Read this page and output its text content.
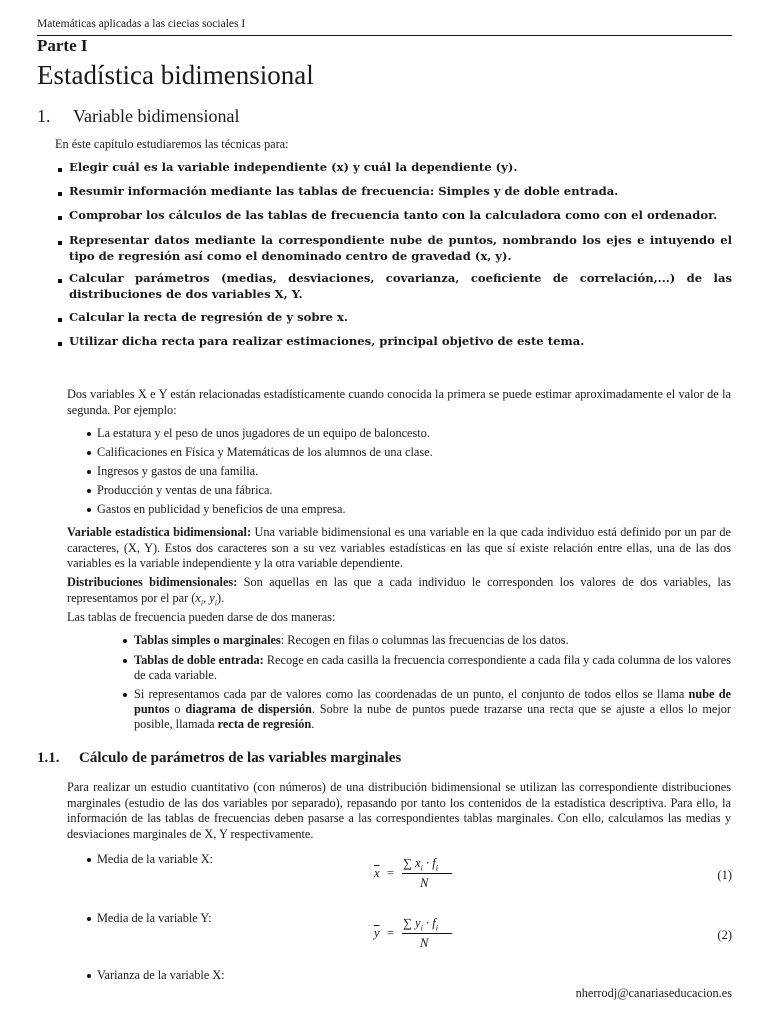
Matemáticas aplicadas a las ciecias sociales I
Parte I
Estadística bidimensional
1. Variable bidimensional
En éste capítulo estudiaremos las técnicas para:
Elegir cuál es la variable independiente (x) y cuál la dependiente (y).
Resumir información mediante las tablas de frecuencia: Simples y de doble entrada.
Comprobar los cálculos de las tablas de frecuencia tanto con la calculadora como con el ordenador.
Representar datos mediante la correspondiente nube de puntos, nombrando los ejes e intuyendo el tipo de regresión así como el denominado centro de gravedad (x, y).
Calcular parámetros (medias, desviaciones, covarianza, coeficiente de correlación,...) de las distribuciones de dos variables X, Y.
Calcular la recta de regresión de y sobre x.
Utilizar dicha recta para realizar estimaciones, principal objetivo de este tema.
Dos variables X e Y están relacionadas estadísticamente cuando conocida la primera se puede estimar aproximadamente el valor de la segunda. Por ejemplo:
La estatura y el peso de unos jugadores de un equipo de baloncesto.
Calificaciones en Física y Matemáticas de los alumnos de una clase.
Ingresos y gastos de una familia.
Producción y ventas de una fábrica.
Gastos en publicidad y beneficios de una empresa.
Variable estadística bidimensional: Una variable bidimensional es una variable en la que cada individuo está definido por un par de caracteres, (X, Y). Estos dos caracteres son a su vez variables estadísticas en las que sí existe relación entre ellas, una de las dos variables es la variable independiente y la otra variable dependiente.
Distribuciones bidimensionales: Son aquellas en las que a cada individuo le corresponden los valores de dos variables, las representamos por el par ($x_i$, $y_i$).
Las tablas de frecuencia pueden darse de dos maneras:
Tablas simples o marginales: Recogen en filas o columnas las frecuencias de los datos.
Tablas de doble entrada: Recoge en cada casilla la frecuencia correspondiente a cada fila y cada columna de los valores de cada variable.
Si representamos cada par de valores como las coordenadas de un punto, el conjunto de todos ellos se llama nube de puntos o diagrama de dispersión. Sobre la nube de puntos puede trazarse una recta que se ajuste a ellos lo mejor posible, llamada recta de regresión.
1.1. Cálculo de parámetros de las variables marginales
Para realizar un estudio cuantitativo (con números) de una distribución bidimensional se utilizan las correspondiente distribuciones marginales (estudio de las dos variables por separado), repasando por tanto los contenidos de la estadística descriptiva. Para ello, la información de las tablas de frecuencias deben pasarse a las correspondientes tablas marginales. Con ello, calculamos las medias y desviaciones marginales de X, Y respectivamente.
Media de la variable X:
$\overline{x}$ =
∑ $x_i \cdot f_i$
N
(1)
Media de la variable Y:
$\overline{y}$ =
∑ $y_i \cdot f_i$
N
(2)
Varianza de la variable X:
nherrodj@canariaseducacion.es
